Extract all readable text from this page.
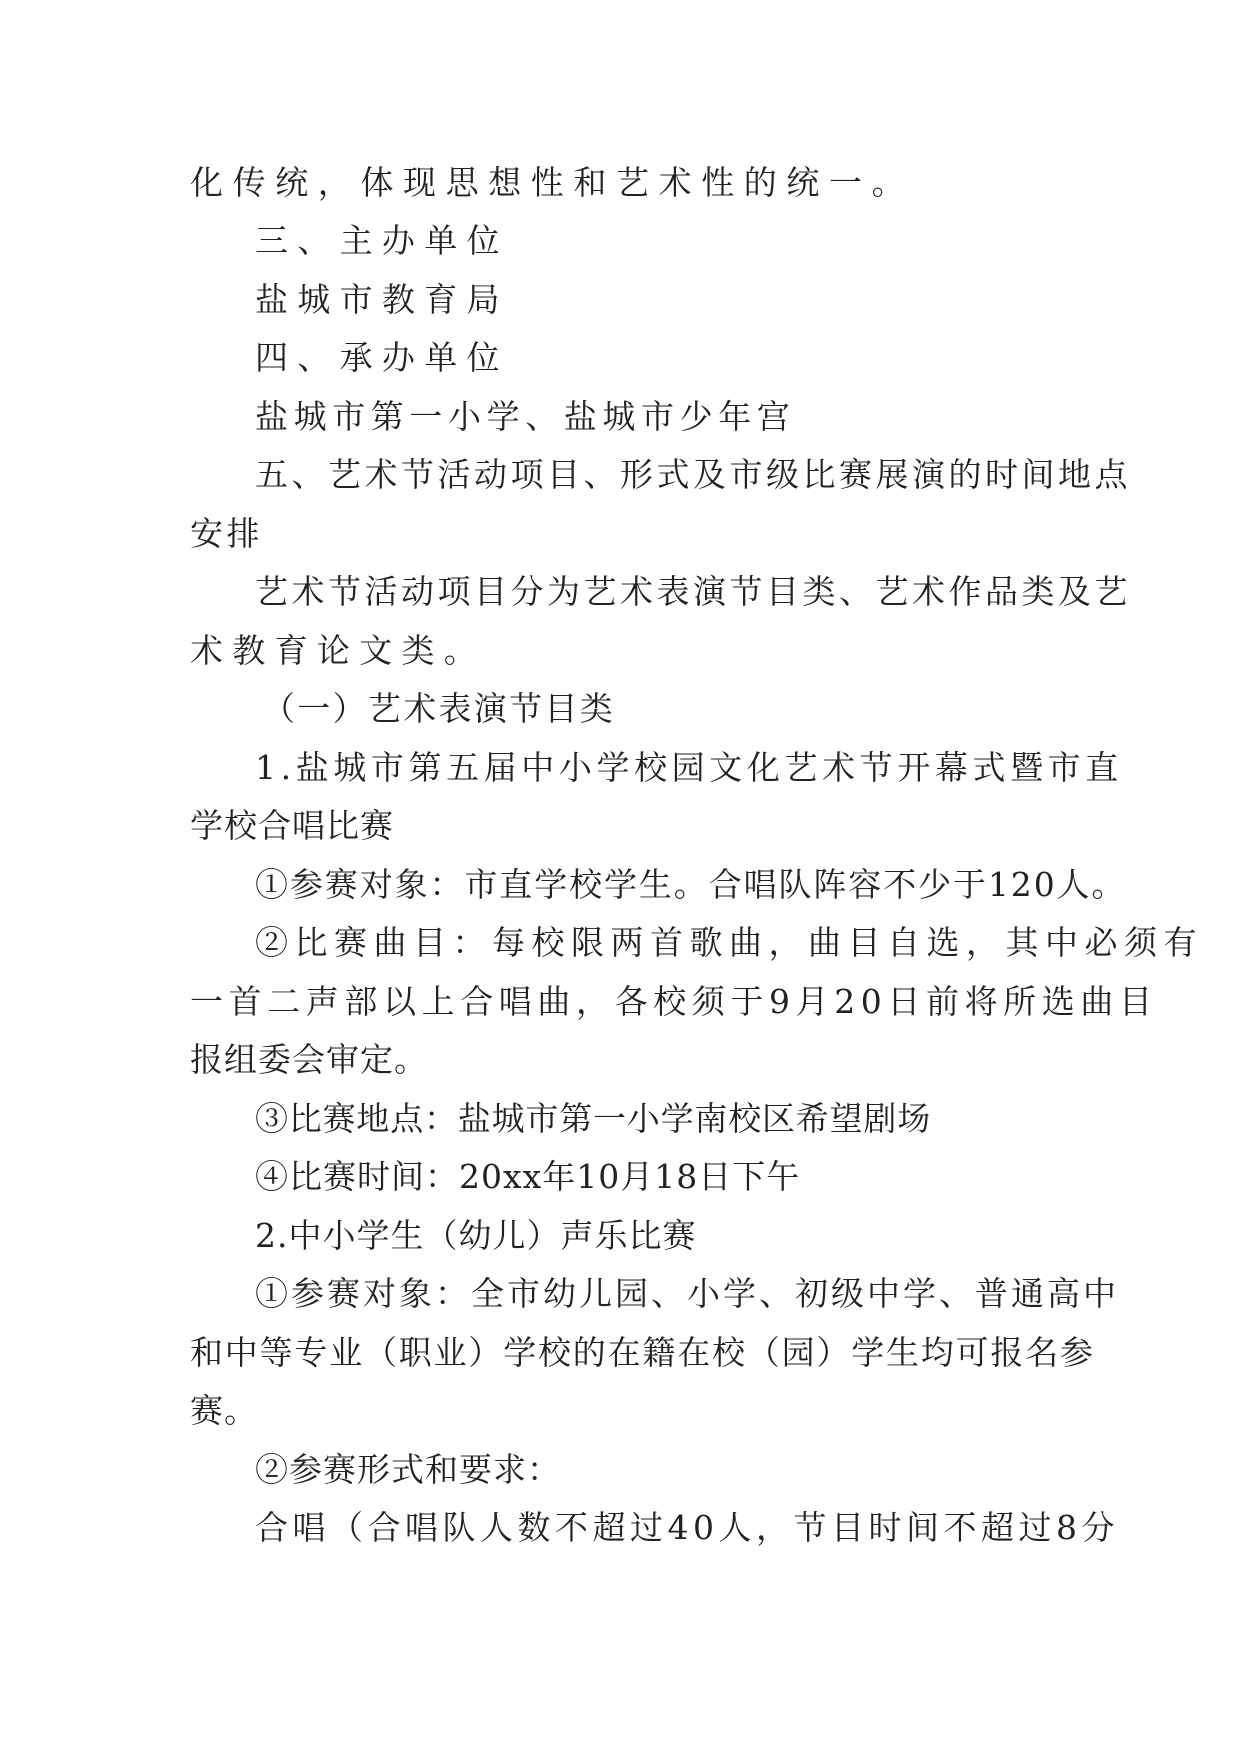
化传统，体现思想性和艺术性的统一。
三、主办单位
盐城市教育局
四、承办单位
盐城市第一小学、盐城市少年宫
五、艺术节活动项目、形式及市级比赛展演的时间地点
安排
艺术节活动项目分为艺术表演节目类、艺术作品类及艺
术教育论文类。
（一）艺术表演节目类
1.盐城市第五届中小学校园文化艺术节开幕式暨市直
学校合唱比赛
①参赛对象：市直学校学生。合唱队阵容不少于120人。
②比赛曲目：每校限两首歌曲，曲目自选，其中必须有
一首二声部以上合唱曲，各校须于9月20日前将所选曲目
报组委会审定。
③比赛地点：盐城市第一小学南校区希望剧场
④比赛时间：20xx年10月18日下午
2.中小学生（幼儿）声乐比赛
①参赛对象：全市幼儿园、小学、初级中学、普通高中
和中等专业（职业）学校的在籍在校（园）学生均可报名参
赛。
②参赛形式和要求：
合唱（合唱队人数不超过40人，节目时间不超过8分
